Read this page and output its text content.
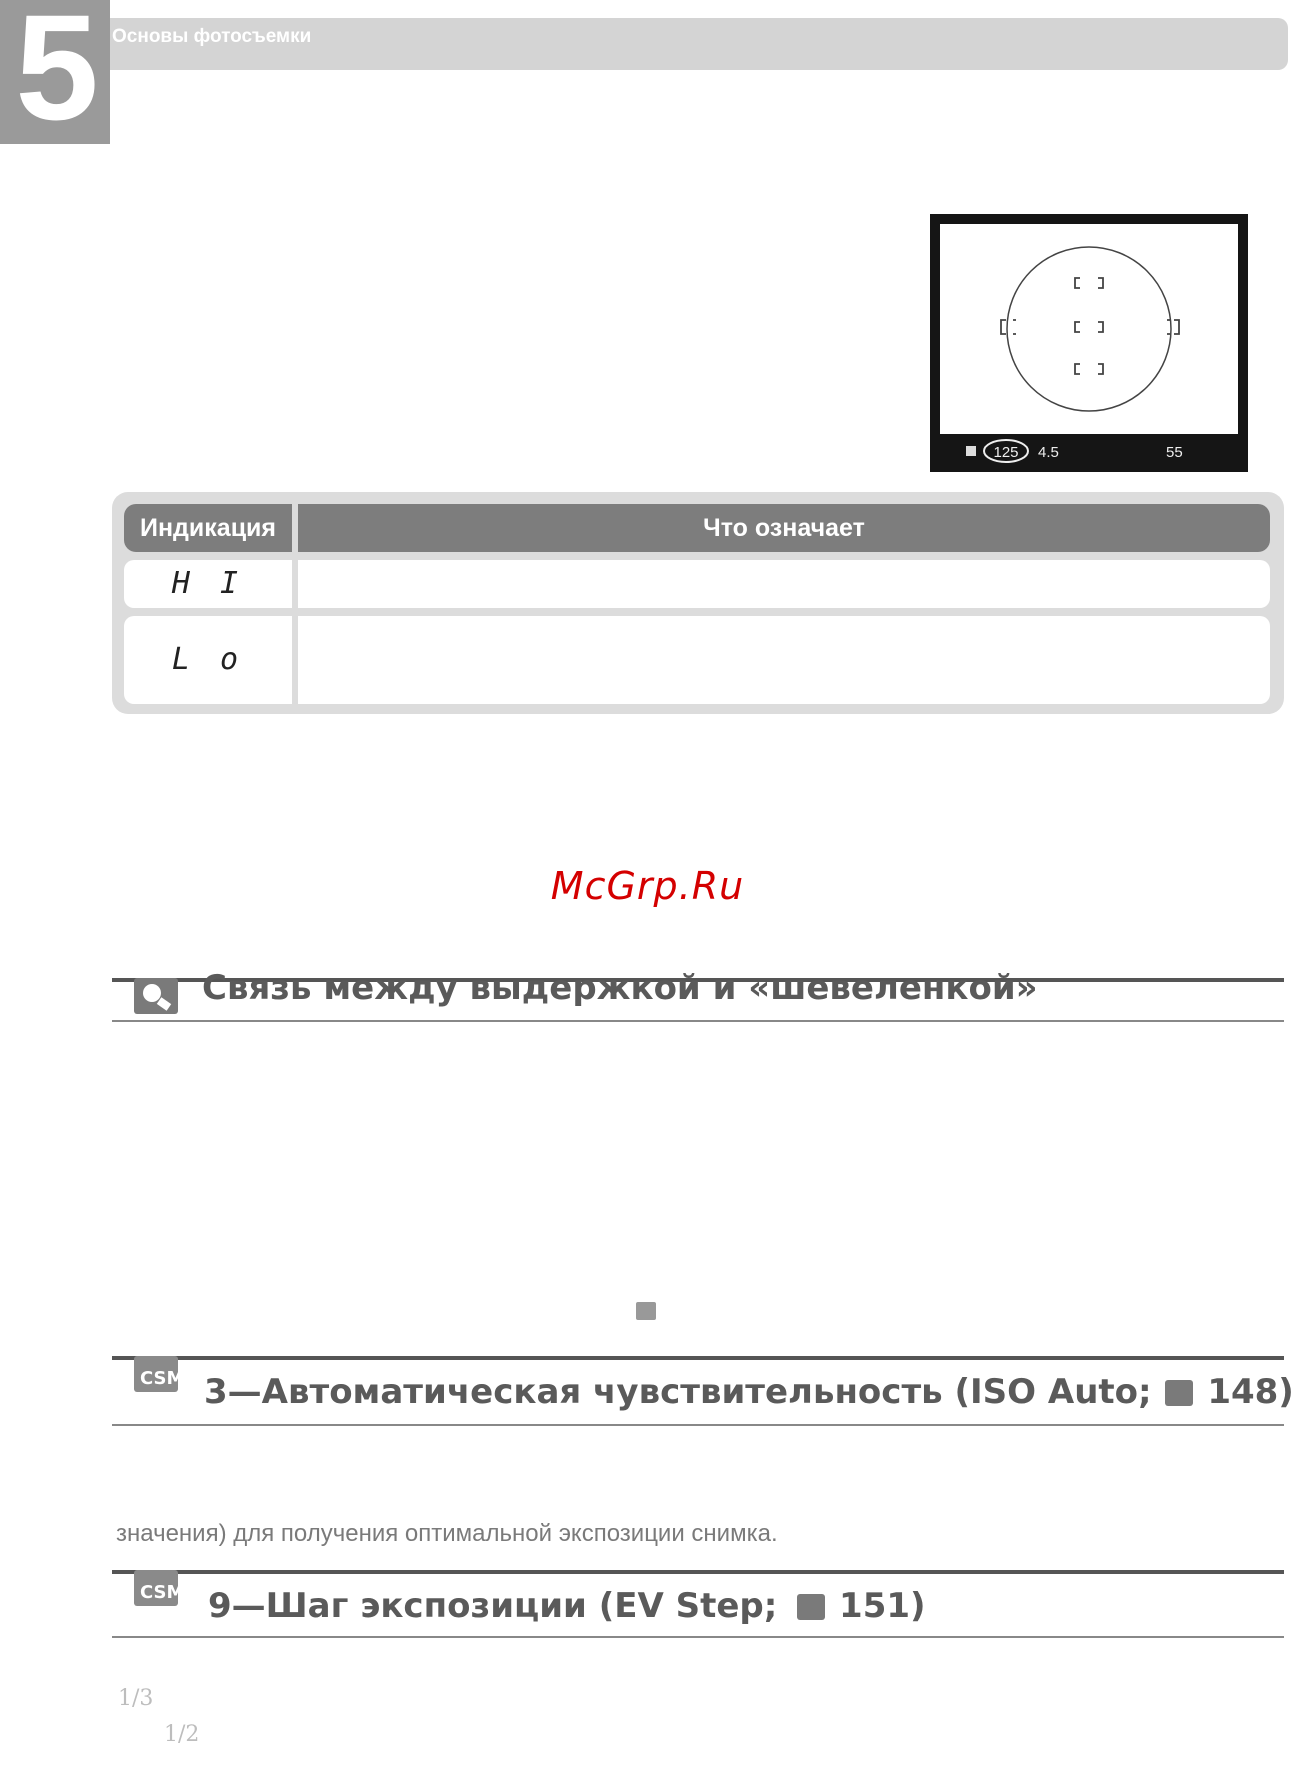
5 Основы фотосъемки
125 4.5	55
Индикация	Что означает
H I
L o
McGrp.Ru
Связь между выдержкой и «шевеленкой»
CSM 3—Автоматическая чувствительность (ISO Auto; 148)
значения) для получения оптимальной экспозиции снимка.
CSM 9—Шаг экспозиции (EV Step; 151)
1/3
1/2
